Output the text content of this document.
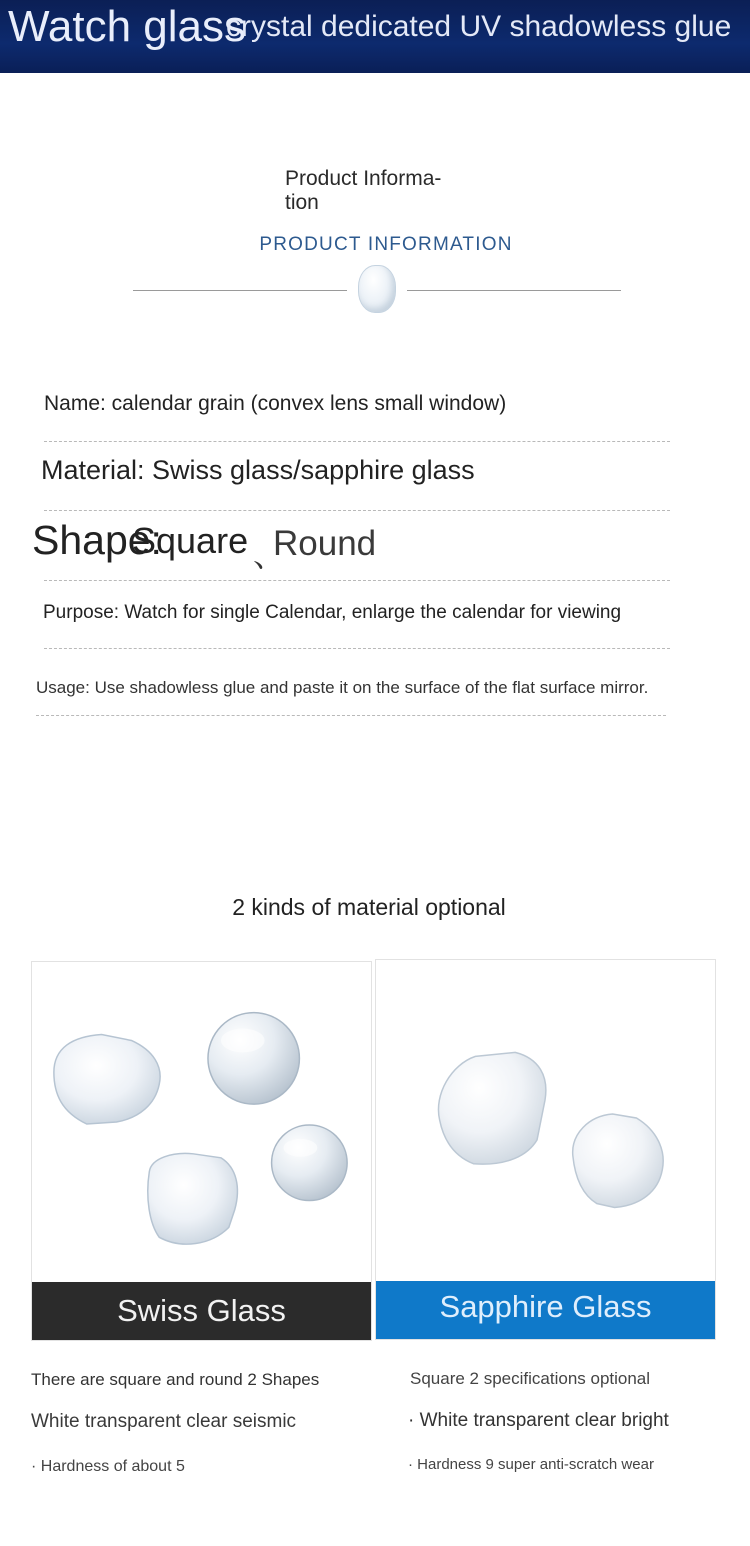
Watch glass
crystal dedicated UV shadowless glue
Product Informa-tion
PRODUCT INFORMATION
Name: calendar grain (convex lens small window)
Material: Swiss glass/sapphire glass
Shape:
Square 、
Round
Purpose: Watch for single Calendar, enlarge the calendar for viewing
Usage: Use shadowless glue and paste it on the surface of the flat surface mirror.
2 kinds of material optional
Swiss Glass	Sapphire Glass
There are square and round 2 Shapes
White transparent clear seismic
· Hardness of about 5
Square 2 specifications optional
· White transparent clear bright
· Hardness 9 super anti-scratch wear
